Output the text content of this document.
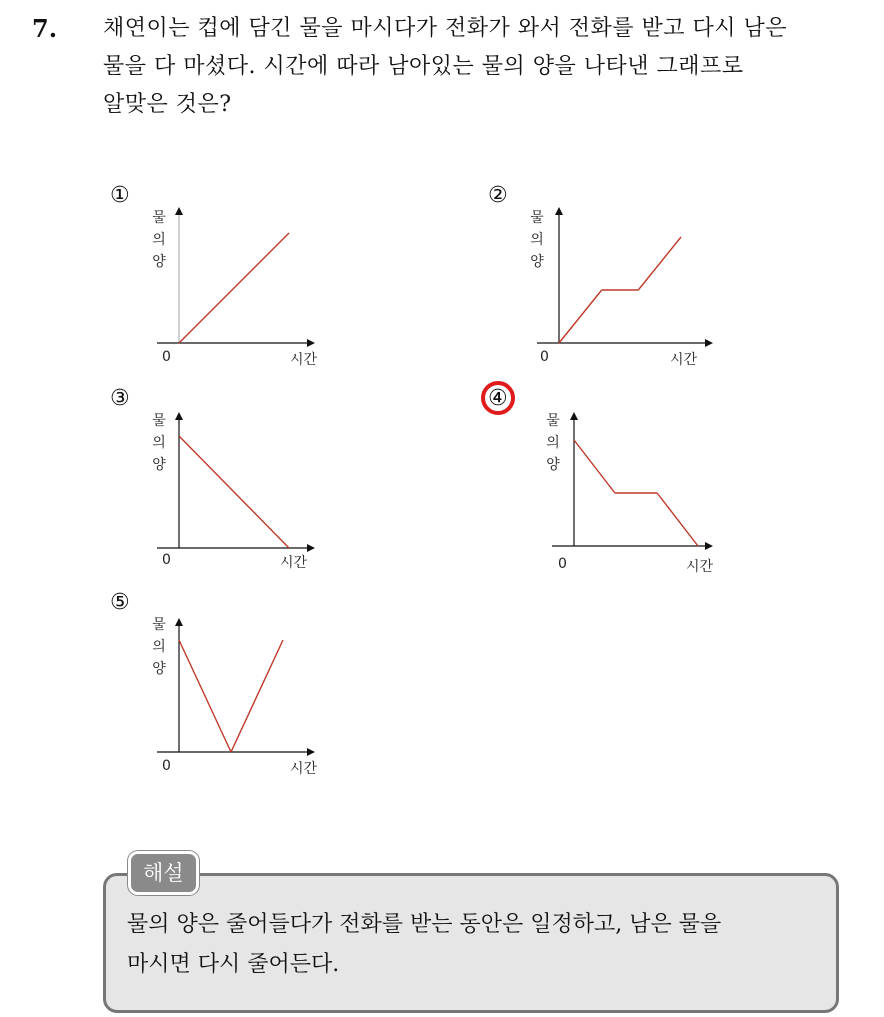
7. 채연이는 컵에 담긴 물을 마시다가 전화가 와서 전화를 받고 다시 남은
물을 다 마셨다. 시간에 따라 남아있는 물의 양을 나타낸 그래프로
알맞은 것은?
①
물
의
양
0	시간
②
물
의
양
0	시간
③
물
의
양
0	시간
④
물
의
양
0	시간
⑤
물
의
양
0	시간
해설
물의 양은 줄어들다가 전화를 받는 동안은 일정하고, 남은 물을
마시면 다시 줄어든다.
